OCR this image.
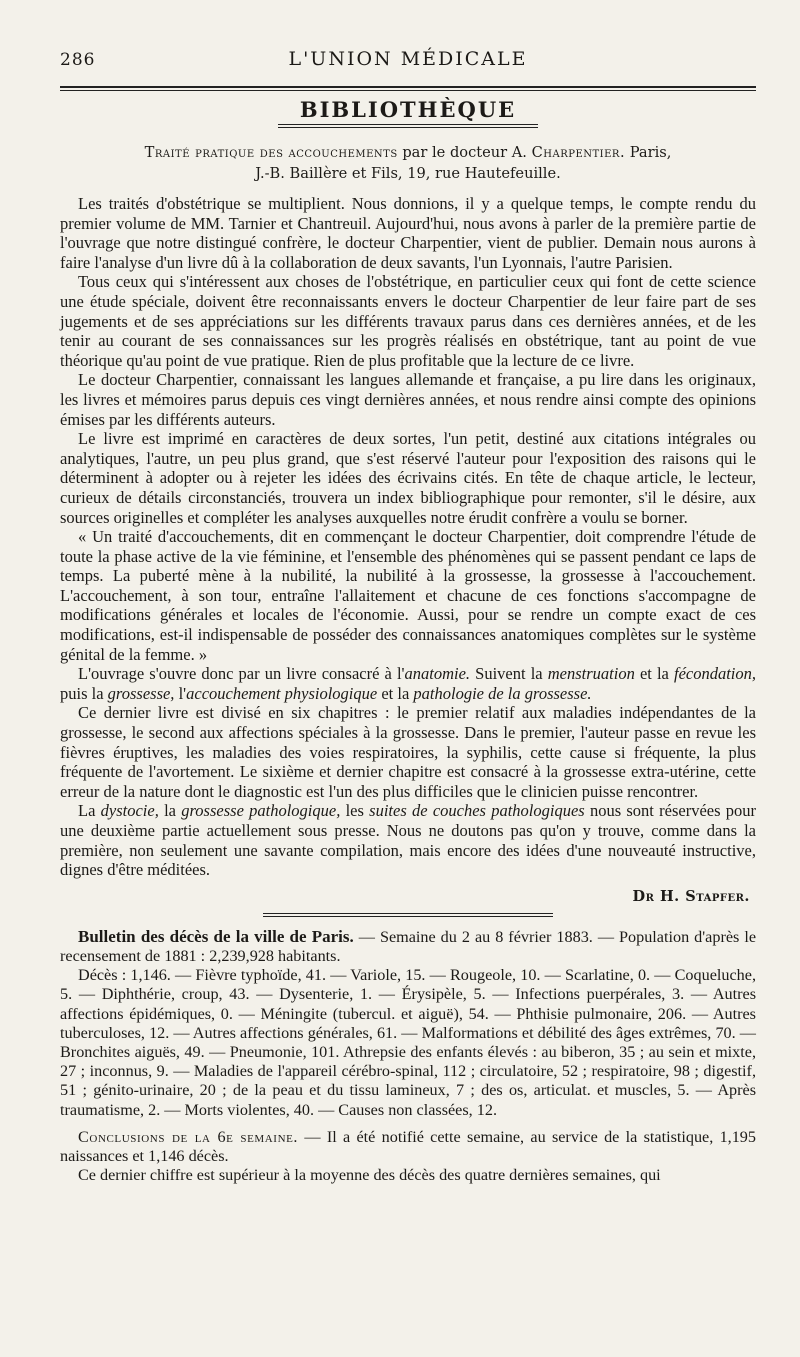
286	L'UNION MÉDICALE
BIBLIOTHÈQUE
Traité pratique des accouchements par le docteur A. Charpentier. Paris,
J.-B. Baillère et Fils, 19, rue Hautefeuille.

Les traités d'obstétrique se multiplient. Nous donnions, il y a quelque temps, le compte rendu du premier volume de MM. Tarnier et Chantreuil. Aujourd'hui, nous avons à parler de la première partie de l'ouvrage que notre distingué confrère, le docteur Charpentier, vient de publier. Demain nous aurons à faire l'analyse d'un livre dû à la collaboration de deux savants, l'un Lyonnais, l'autre Parisien.

Tous ceux qui s'intéressent aux choses de l'obstétrique, en particulier ceux qui font de cette science une étude spéciale, doivent être reconnaissants envers le docteur Charpentier de leur faire part de ses jugements et de ses appréciations sur les différents travaux parus dans ces dernières années, et de les tenir au courant de ses connaissances sur les progrès réalisés en obstétrique, tant au point de vue théorique qu'au point de vue pratique. Rien de plus profitable que la lecture de ce livre.

Le docteur Charpentier, connaissant les langues allemande et française, a pu lire dans les originaux, les livres et mémoires parus depuis ces vingt dernières années, et nous rendre ainsi compte des opinions émises par les différents auteurs.

Le livre est imprimé en caractères de deux sortes, l'un petit, destiné aux citations intégrales ou analytiques, l'autre, un peu plus grand, que s'est réservé l'auteur pour l'exposition des raisons qui le déterminent à adopter ou à rejeter les idées des écrivains cités. En tête de chaque article, le lecteur, curieux de détails circonstanciés, trouvera un index bibliographique pour remonter, s'il le désire, aux sources originelles et compléter les analyses auxquelles notre érudit confrère a voulu se borner.

« Un traité d'accouchements, dit en commençant le docteur Charpentier, doit comprendre l'étude de toute la phase active de la vie féminine, et l'ensemble des phénomènes qui se passent pendant ce laps de temps. La puberté mène à la nubilité, la nubilité à la grossesse, la grossesse à l'accouchement. L'accouchement, à son tour, entraîne l'allaitement et chacune de ces fonctions s'accompagne de modifications générales et locales de l'économie. Aussi, pour se rendre un compte exact de ces modifications, est-il indispensable de posséder des connaissances anatomiques complètes sur le système génital de la femme. »

L'ouvrage s'ouvre donc par un livre consacré à l'anatomie. Suivent la menstruation et la fécondation, puis la grossesse, l'accouchement physiologique et la pathologie de la grossesse.

Ce dernier livre est divisé en six chapitres : le premier relatif aux maladies indépendantes de la grossesse, le second aux affections spéciales à la grossesse. Dans le premier, l'auteur passe en revue les fièvres éruptives, les maladies des voies respiratoires, la syphilis, cette cause si fréquente, la plus fréquente de l'avortement. Le sixième et dernier chapitre est consacré à la grossesse extra-utérine, cette erreur de la nature dont le diagnostic est l'un des plus difficiles que le clinicien puisse rencontrer.

La dystocie, la grossesse pathologique, les suites de couches pathologiques nous sont réservées pour une deuxième partie actuellement sous presse. Nous ne doutons pas qu'on y trouve, comme dans la première, non seulement une savante compilation, mais encore des idées d'une nouveauté instructive, dignes d'être méditées.

Dr H. Stapfer.

Bulletin des décès de la ville de Paris. — Semaine du 2 au 8 février 1883. — Population d'après le recensement de 1881 : 2,239,928 habitants.

Décès : 1,146. — Fièvre typhoïde, 41. — Variole, 15. — Rougeole, 10. — Scarlatine, 0. — Coqueluche, 5. — Diphthérie, croup, 43. — Dysenterie, 1. — Érysipèle, 5. — Infections puerpérales, 3. — Autres affections épidémiques, 0. — Méningite (tubercul. et aiguë), 54. — Phthisie pulmonaire, 206. — Autres tuberculoses, 12. — Autres affections générales, 61. — Malformations et débilité des âges extrêmes, 70. — Bronchites aiguës, 49. — Pneumonie, 101. Athrepsie des enfants élevés : au biberon, 35 ; au sein et mixte, 27 ; inconnus, 9. — Maladies de l'appareil cérébro-spinal, 112 ; circulatoire, 52 ; respiratoire, 98 ; digestif, 51 ; génito-urinaire, 20 ; de la peau et du tissu lamineux, 7 ; des os, articulat. et muscles, 5. — Après traumatisme, 2. — Morts violentes, 40. — Causes non classées, 12.

Conclusions de la 6e semaine. — Il a été notifié cette semaine, au service de la statistique, 1,195 naissances et 1,146 décès.

Ce dernier chiffre est supérieur à la moyenne des décès des quatre dernières semaines, qui
